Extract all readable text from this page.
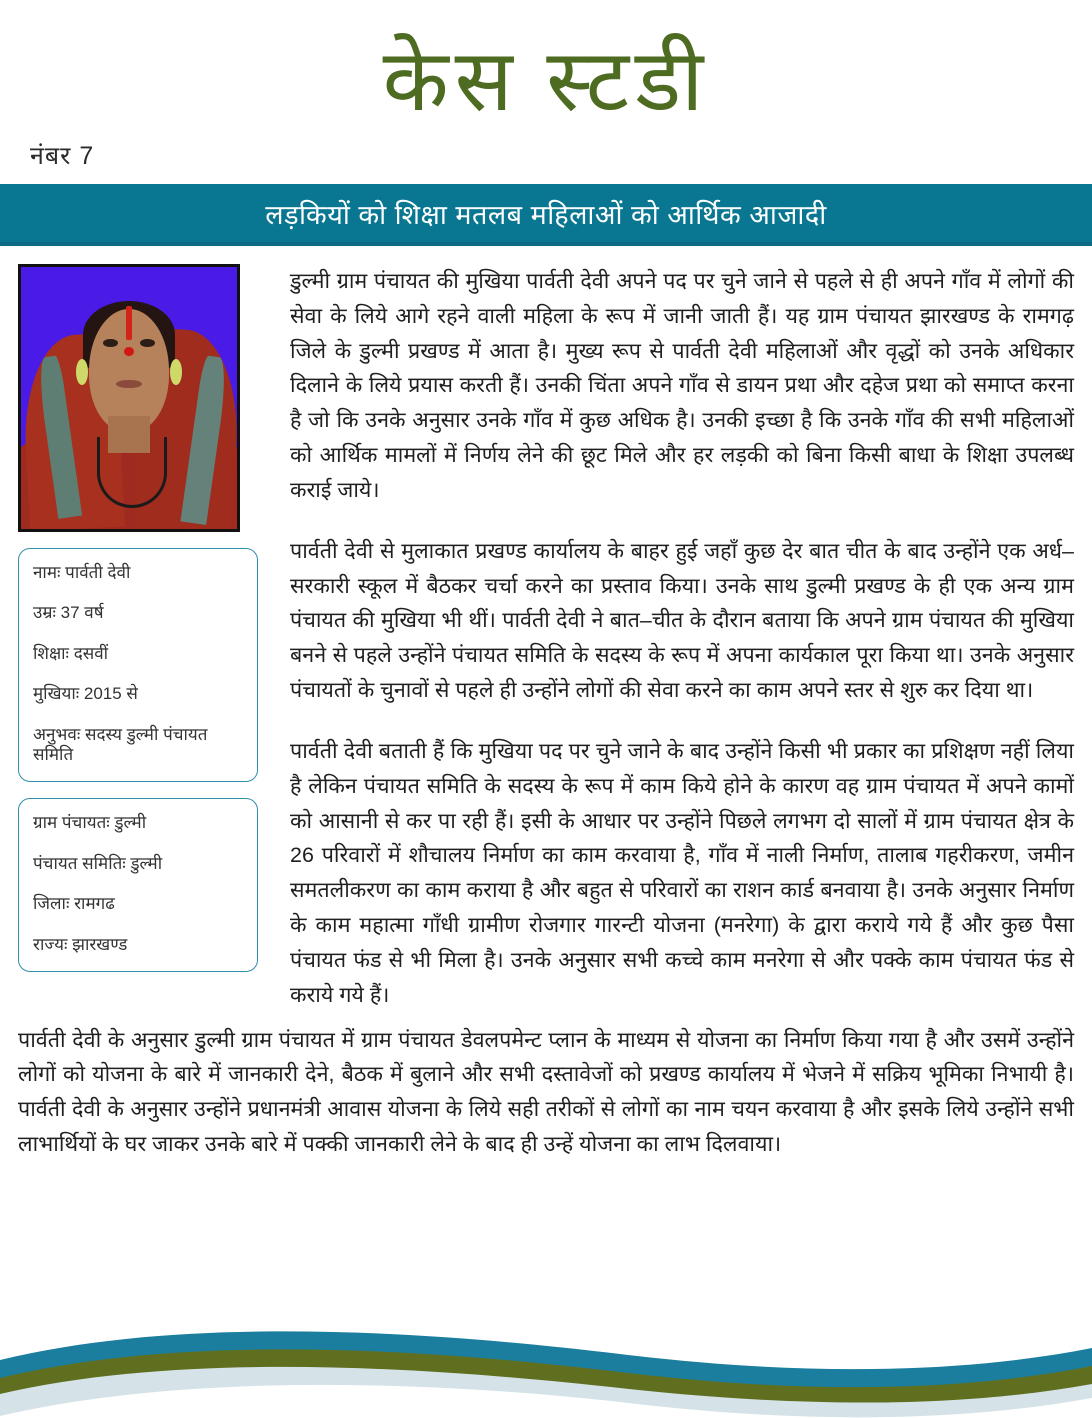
केस स्टडी
नंबर 7
लड़कियों को शिक्षा मतलब महिलाओं को आर्थिक आजादी
नामः पार्वती देवी
उम्रः 37 वर्ष
शिक्षाः दसवीं
मुखियाः 2015 से
अनुभवः सदस्य डुल्मी पंचायत समिति
ग्राम पंचायतः डुल्मी
पंचायत समितिः डुल्मी
जिलाः रामगढ
राज्यः झारखण्ड

डुल्मी ग्राम पंचायत की मुखिया पार्वती देवी अपने पद पर चुने जाने से पहले से ही अपने गाँव में लोगों की सेवा के लिये आगे रहने वाली महिला के रूप में जानी जाती हैं। यह ग्राम पंचायत झारखण्ड के रामगढ़ जिले के डुल्मी प्रखण्ड में आता है। मुख्य रूप से पार्वती देवी महिलाओं और वृद्धों को उनके अधिकार दिलाने के लिये प्रयास करती हैं। उनकी चिंता अपने गाँव से डायन प्रथा और दहेज प्रथा को समाप्त करना है जो कि उनके अनुसार उनके गाँव में कुछ अधिक है। उनकी इच्छा है कि उनके गाँव की सभी महिलाओं को आर्थिक मामलों में निर्णय लेने की छूट मिले और हर लड़की को बिना किसी बाधा के शिक्षा उपलब्ध कराई जाये।

पार्वती देवी से मुलाकात प्रखण्ड कार्यालय के बाहर हुई जहाँ कुछ देर बात चीत के बाद उन्होंने एक अर्ध–सरकारी स्कूल में बैठकर चर्चा करने का प्रस्ताव किया। उनके साथ डुल्मी प्रखण्ड के ही एक अन्य ग्राम पंचायत की मुखिया भी थीं। पार्वती देवी ने बात–चीत के दौरान बताया कि अपने ग्राम पंचायत की मुखिया बनने से पहले उन्होंने पंचायत समिति के सदस्य के रूप में अपना कार्यकाल पूरा किया था। उनके अनुसार पंचायतों के चुनावों से पहले ही उन्होंने लोगों की सेवा करने का काम अपने स्तर से शुरु कर दिया था।

पार्वती देवी बताती हैं कि मुखिया पद पर चुने जाने के बाद उन्होंने किसी भी प्रकार का प्रशिक्षण नहीं लिया है लेकिन पंचायत समिति के सदस्य के रूप में काम किये होने के कारण वह ग्राम पंचायत में अपने कामों को आसानी से कर पा रही हैं। इसी के आधार पर उन्होंने पिछले लगभग दो सालों में ग्राम पंचायत क्षेत्र के 26 परिवारों में शौचालय निर्माण का काम करवाया है, गाँव में नाली निर्माण, तालाब गहरीकरण, जमीन समतलीकरण का काम कराया है और बहुत से परिवारों का राशन कार्ड बनवाया है। उनके अनुसार निर्माण के काम महात्मा गाँधी ग्रामीण रोजगार गारन्टी योजना (मनरेगा) के द्वारा कराये गये हैं और कुछ पैसा पंचायत फंड से भी मिला है। उनके अनुसार सभी कच्चे काम मनरेगा से और पक्के काम पंचायत फंड से कराये गये हैं।

पार्वती देवी के अनुसार डुल्मी ग्राम पंचायत में ग्राम पंचायत डेवलपमेन्ट प्लान के माध्यम से योजना का निर्माण किया गया है और उसमें उन्होंने लोगों को योजना के बारे में जानकारी देने, बैठक में बुलाने और सभी दस्तावेजों को प्रखण्ड कार्यालय में भेजने में सक्रिय भूमिका निभायी है। पार्वती देवी के अनुसार उन्होंने प्रधानमंत्री आवास योजना के लिये सही तरीकों से लोगों का नाम चयन करवाया है और इसके लिये उन्होंने सभी लाभार्थियों के घर जाकर उनके बारे में पक्की जानकारी लेने के बाद ही उन्हें योजना का लाभ दिलवाया।
